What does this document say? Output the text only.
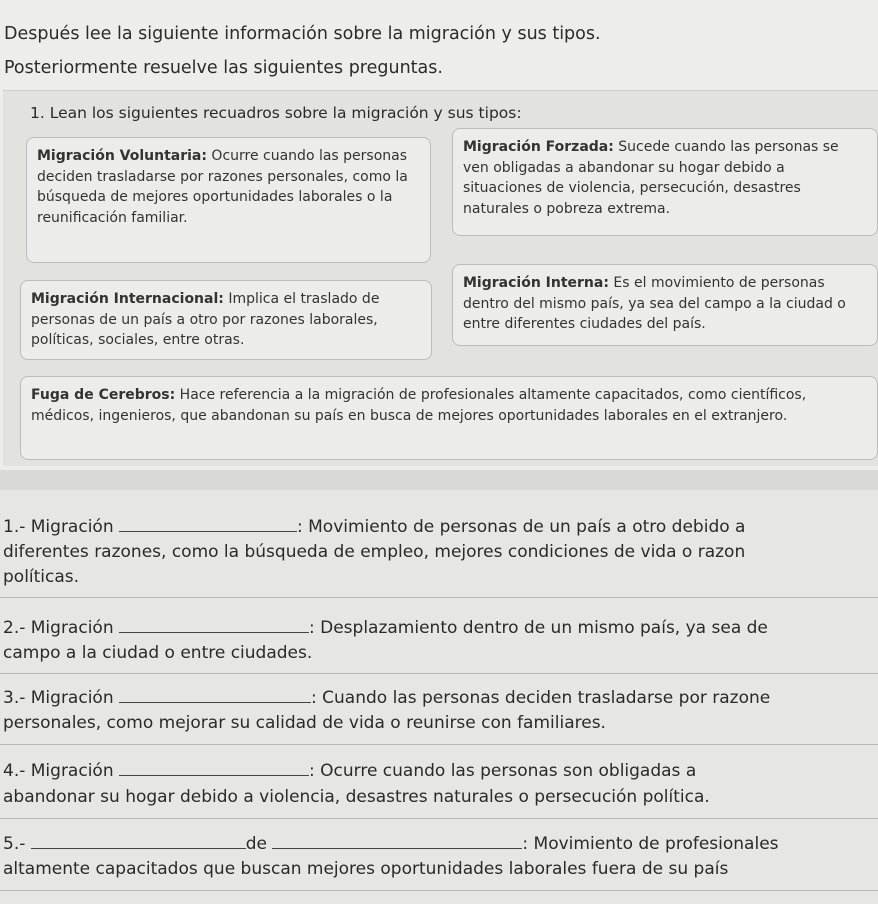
Después lee la siguiente información sobre la migración y sus tipos.
Posteriormente resuelve las siguientes preguntas.
1. Lean los siguientes recuadros sobre la migración y sus tipos:
Migración Voluntaria: Ocurre cuando las personas deciden trasladarse por razones personales, como la búsqueda de mejores oportunidades laborales o la reunificación familiar.
Migración Forzada: Sucede cuando las personas se ven obligadas a abandonar su hogar debido a situaciones de violencia, persecución, desastres naturales o pobreza extrema.
Migración Internacional: Implica el traslado de personas de un país a otro por razones laborales, políticas, sociales, entre otras.
Migración Interna: Es el movimiento de personas dentro del mismo país, ya sea del campo a la ciudad o entre diferentes ciudades del país.
Fuga de Cerebros: Hace referencia a la migración de profesionales altamente capacitados, como científicos, médicos, ingenieros, que abandonan su país en busca de mejores oportunidades laborales en el extranjero.
1.- Migración	: Movimiento de personas de un país a otro debido a
diferentes razones, como la búsqueda de empleo, mejores condiciones de vida o razon
políticas.
2.- Migración	: Desplazamiento dentro de un mismo país, ya sea de
campo a la ciudad o entre ciudades.
3.- Migración	: Cuando las personas deciden trasladarse por razone
personales, como mejorar su calidad de vida o reunirse con familiares.
4.- Migración	: Ocurre cuando las personas son obligadas a
abandonar su hogar debido a violencia, desastres naturales o persecución política.
5.-	de	: Movimiento de profesionales
altamente capacitados que buscan mejores oportunidades laborales fuera de su país
